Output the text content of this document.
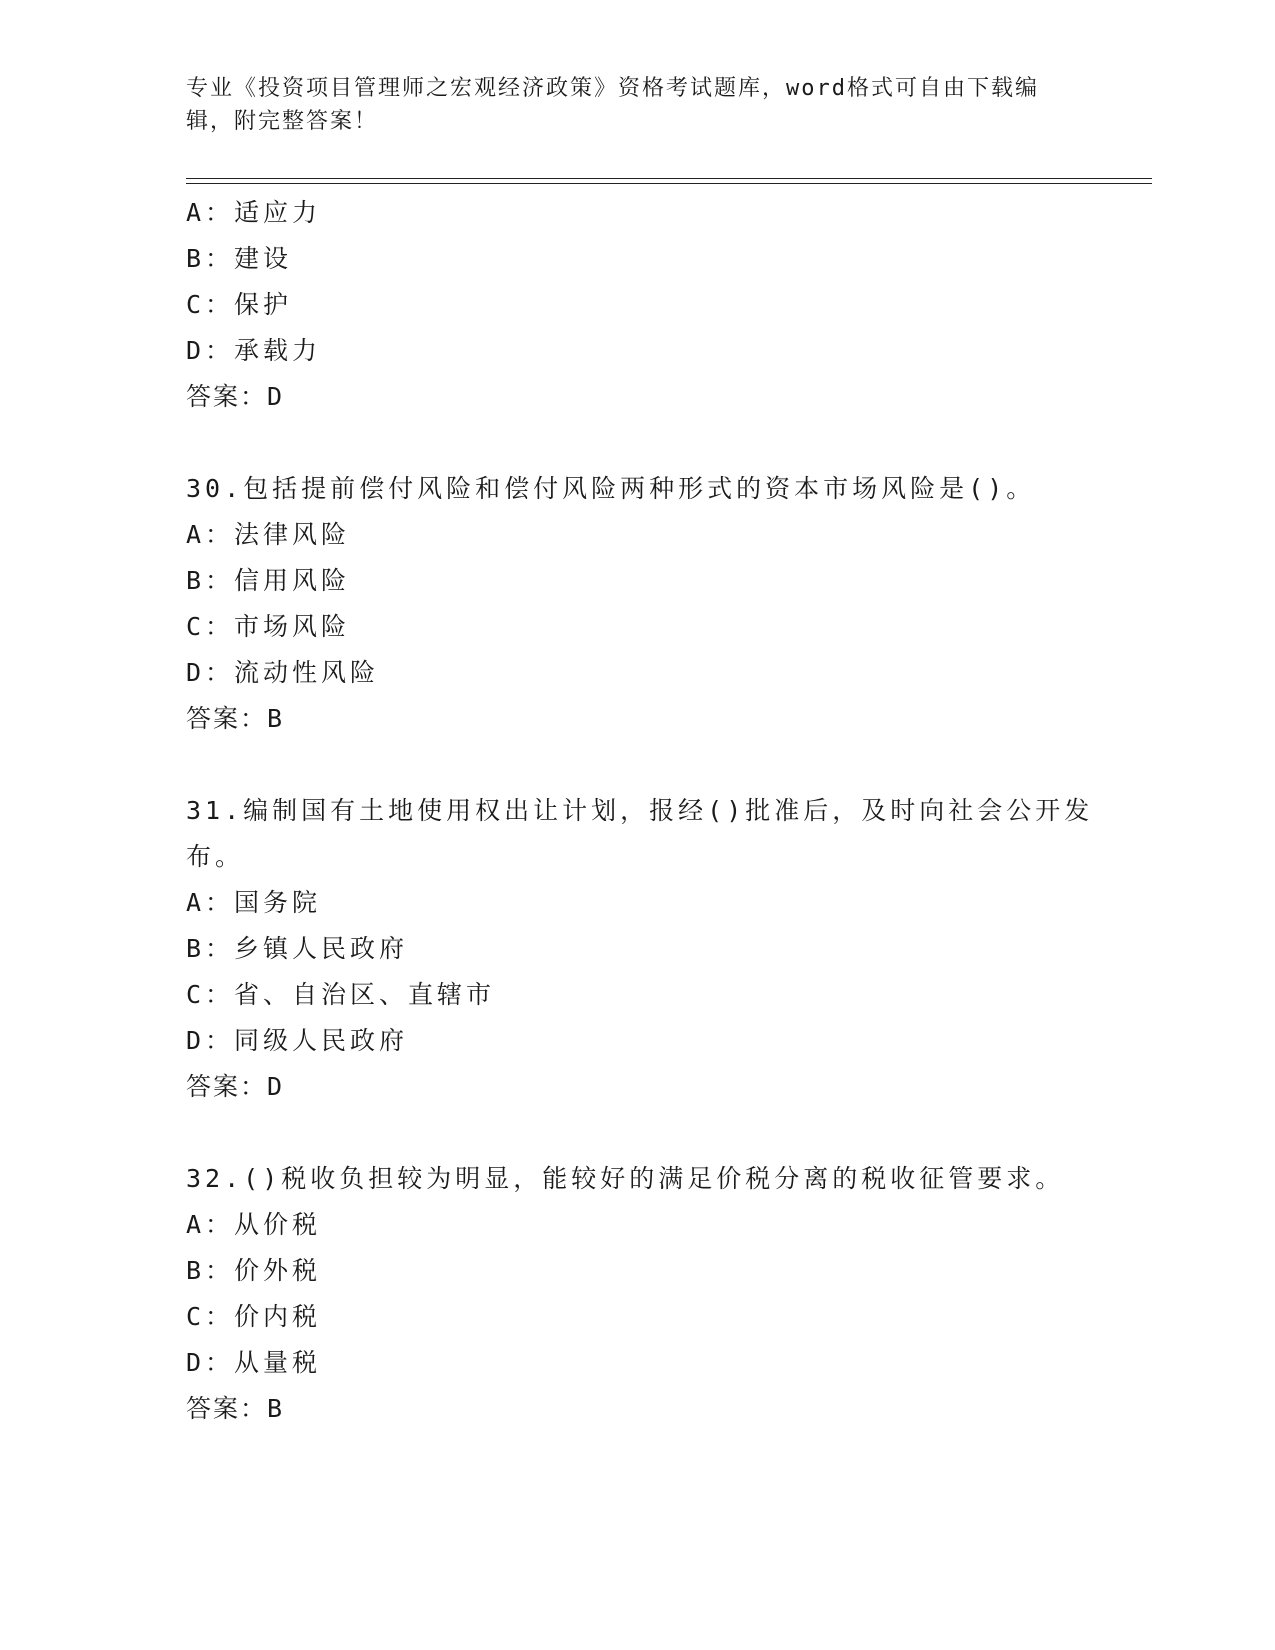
专业《投资项目管理师之宏观经济政策》资格考试题库，word格式可自由下载编
辑，附完整答案！
A：适应力
B：建设
C：保护
D：承载力
答案：D
30.包括提前偿付风险和偿付风险两种形式的资本市场风险是()。
A：法律风险
B：信用风险
C：市场风险
D：流动性风险
答案：B
31.编制国有土地使用权出让计划，报经()批准后，及时向社会公开发
布。
A：国务院
B：乡镇人民政府
C：省、自治区、直辖市
D：同级人民政府
答案：D
32.()税收负担较为明显，能较好的满足价税分离的税收征管要求。
A：从价税
B：价外税
C：价内税
D：从量税
答案：B
